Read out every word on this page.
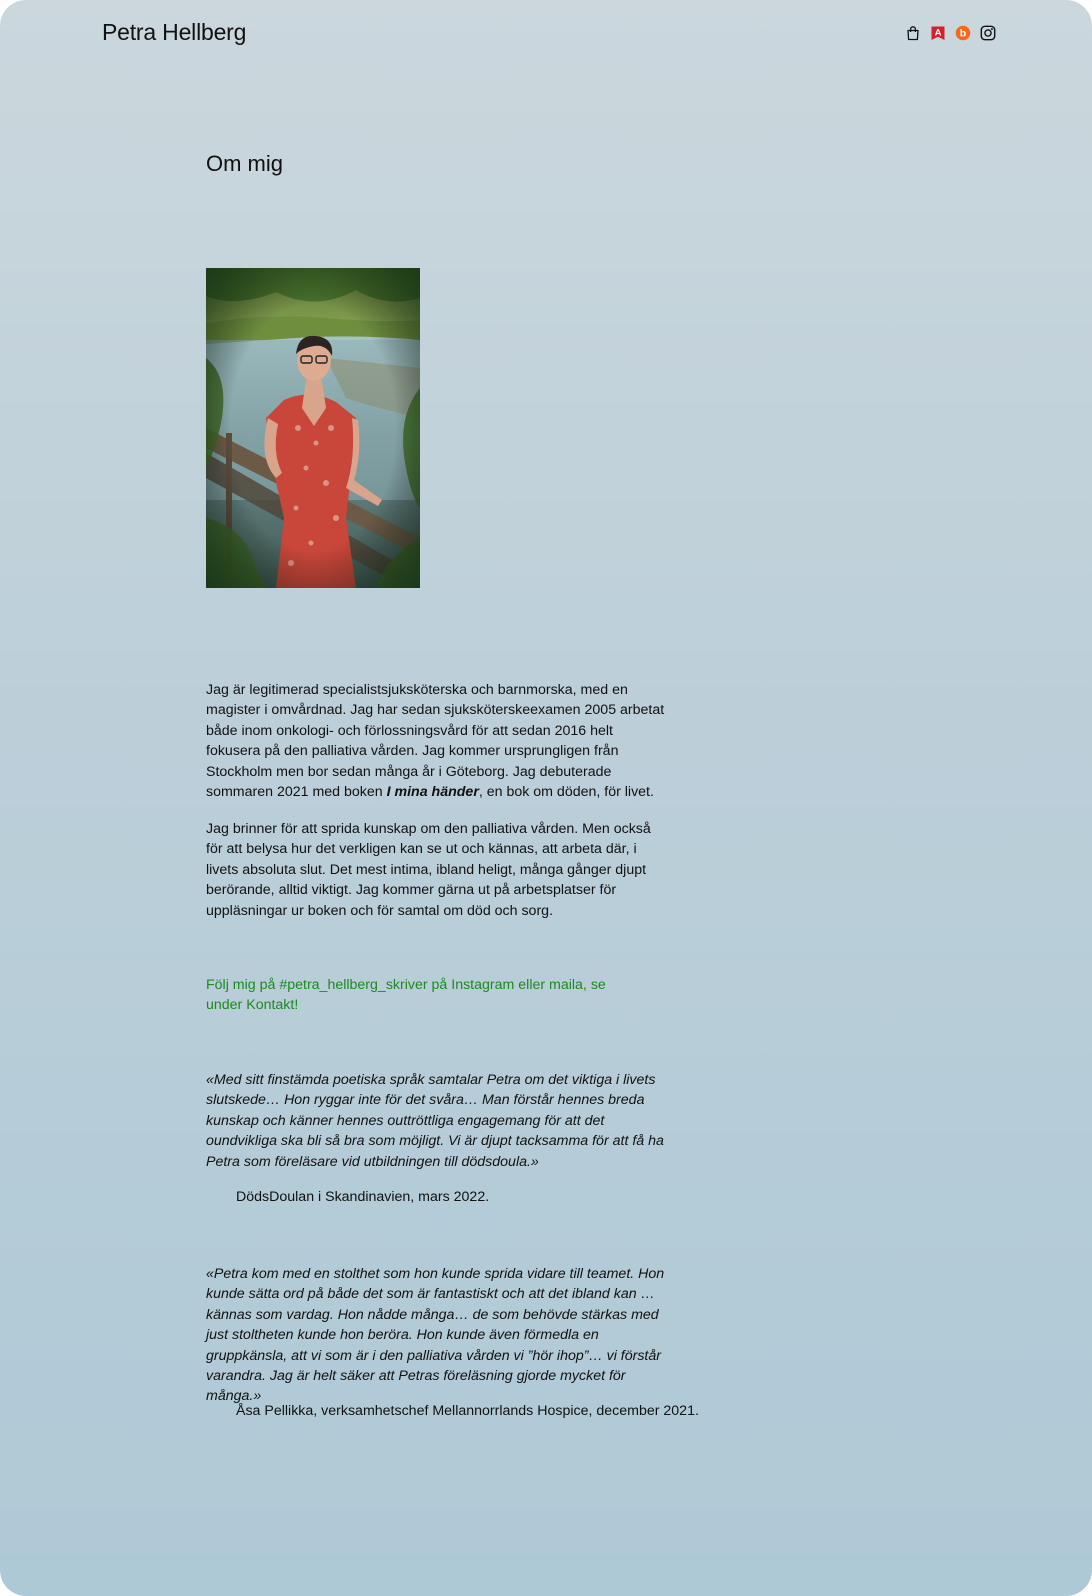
Petra Hellberg	A b
Om mig

Jag är legitimerad specialistsjuksköterska och barnmorska, med en magister i omvårdnad. Jag har sedan sjuksköterskeexamen 2005 arbetat både inom onkologi- och förlossningsvård för att sedan 2016 helt fokusera på den palliativa vården. Jag kommer ursprungligen från Stockholm men bor sedan många år i Göteborg. Jag debuterade sommaren 2021 med boken I mina händer, en bok om döden, för livet.

Jag brinner för att sprida kunskap om den palliativa vården. Men också för att belysa hur det verkligen kan se ut och kännas, att arbeta där, i livets absoluta slut. Det mest intima, ibland heligt, många gånger djupt berörande, alltid viktigt. Jag kommer gärna ut på arbetsplatser för uppläsningar ur boken och för samtal om död och sorg.

Följ mig på #petra_hellberg_skriver på Instagram eller maila, se under Kontakt!

«Med sitt finstämda poetiska språk samtalar Petra om det viktiga i livets slutskede… Hon ryggar inte för det svåra… Man förstår hennes breda kunskap och känner hennes outtröttliga engagemang för att det oundvikliga ska bli så bra som möjligt. Vi är djupt tacksamma för att få ha Petra som föreläsare vid utbildningen till dödsdoula.»

DödsDoulan i Skandinavien, mars 2022.

«Petra kom med en stolthet som hon kunde sprida vidare till teamet. Hon kunde sätta ord på både det som är fantastiskt och att det ibland kan … kännas som vardag. Hon nådde många… de som behövde stärkas med just stoltheten kunde hon beröra. Hon kunde även förmedla en gruppkänsla, att vi som är i den palliativa vården vi ”hör ihop”… vi förstår varandra. Jag är helt säker att Petras föreläsning gjorde mycket för många.»

Åsa Pellikka, verksamhetschef Mellannorrlands Hospice, december 2021.
